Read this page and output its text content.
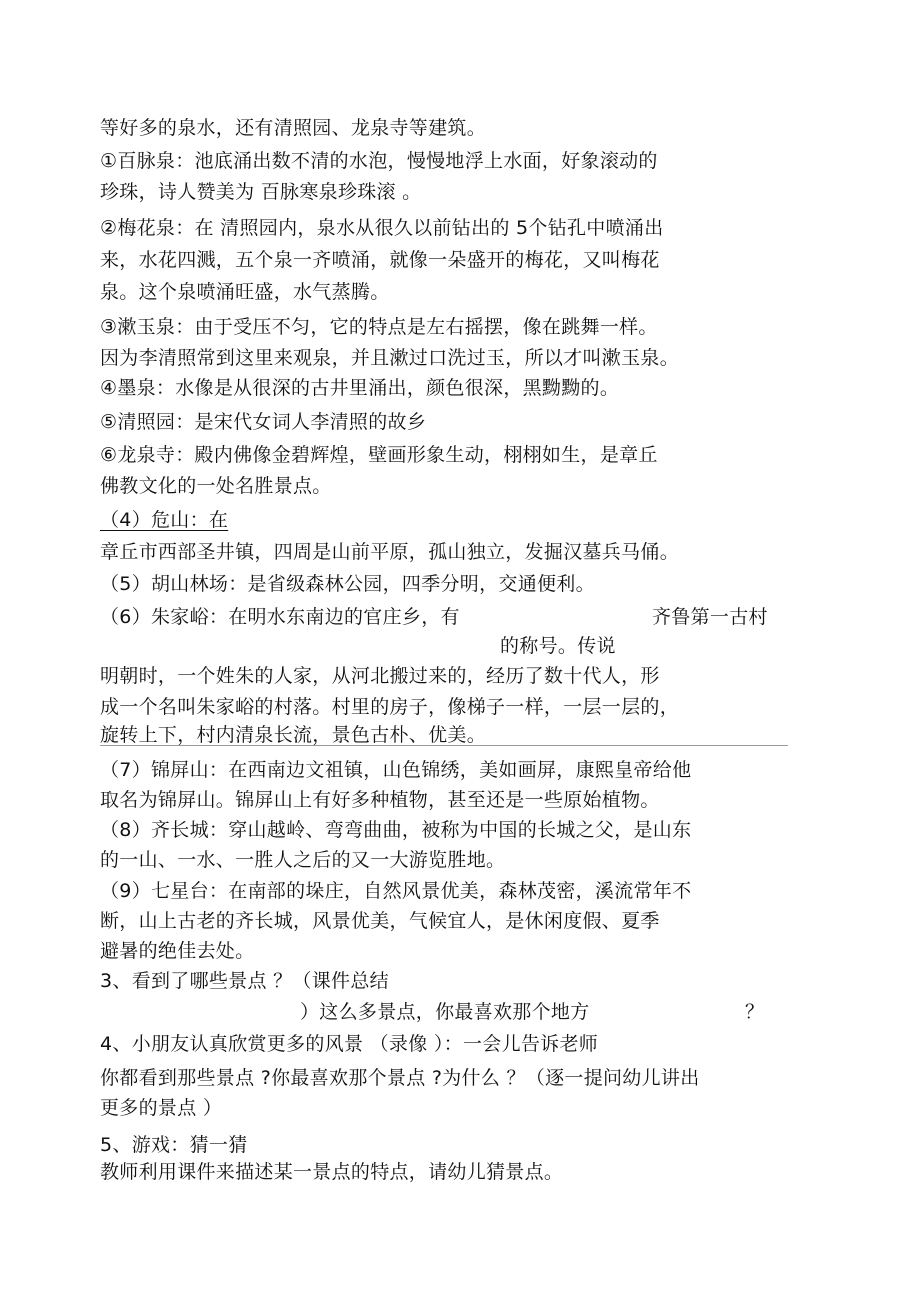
等好多的泉水，还有清照园、龙泉寺等建筑。
①百脉泉：池底涌出数不清的水泡，慢慢地浮上水面，好象滚动的
珍珠，诗人赞美为 百脉寒泉珍珠滚 。
②梅花泉：在 清照园内，泉水从很久以前钻出的 5个钻孔中喷涌出
来，水花四溅，五个泉一齐喷涌，就像一朵盛开的梅花，又叫梅花
泉。这个泉喷涌旺盛，水气蒸腾。
③漱玉泉：由于受压不匀，它的特点是左右摇摆，像在跳舞一样。
因为李清照常到这里来观泉，并且漱过口洗过玉，所以才叫漱玉泉。
④墨泉：水像是从很深的古井里涌出，颜色很深，黑黝黝的。
⑤清照园：是宋代女词人李清照的故乡
⑥龙泉寺：殿内佛像金碧辉煌，壁画形象生动，栩栩如生，是章丘
佛教文化的一处名胜景点。
（4）危山：在
章丘市西部圣井镇，四周是山前平原，孤山独立，发掘汉墓兵马俑。
（5）胡山林场：是省级森林公园，四季分明，交通便利。
（6）朱家峪：在明水东南边的官庄乡，有	齐鲁第一古村
的称号。传说
明朝时，一个姓朱的人家，从河北搬过来的，经历了数十代人，形
成一个名叫朱家峪的村落。村里的房子，像梯子一样，一层一层的，
旋转上下，村内清泉长流，景色古朴、优美。
（7）锦屏山：在西南边文祖镇，山色锦绣，美如画屏，康熙皇帝给他
取名为锦屏山。锦屏山上有好多种植物，甚至还是一些原始植物。
（8）齐长城：穿山越岭、弯弯曲曲，被称为中国的长城之父，是山东
的一山、一水、一胜人之后的又一大游览胜地。
（9）七星台：在南部的垛庄，自然风景优美，森林茂密，溪流常年不
断，山上古老的齐长城，风景优美，气候宜人，是休闲度假、夏季
避暑的绝佳去处。
3、看到了哪些景点 ？（课件总结
）这么多景点，你最喜欢那个地方	？
4、小朋友认真欣赏更多的风景 （录像 ）：一会儿告诉老师
你都看到那些景点 ?你最喜欢那个景点 ?为什么 ？（逐一提问幼儿讲出
更多的景点 ）
5、游戏：猜一猜
教师利用课件来描述某一景点的特点，请幼儿猜景点。
